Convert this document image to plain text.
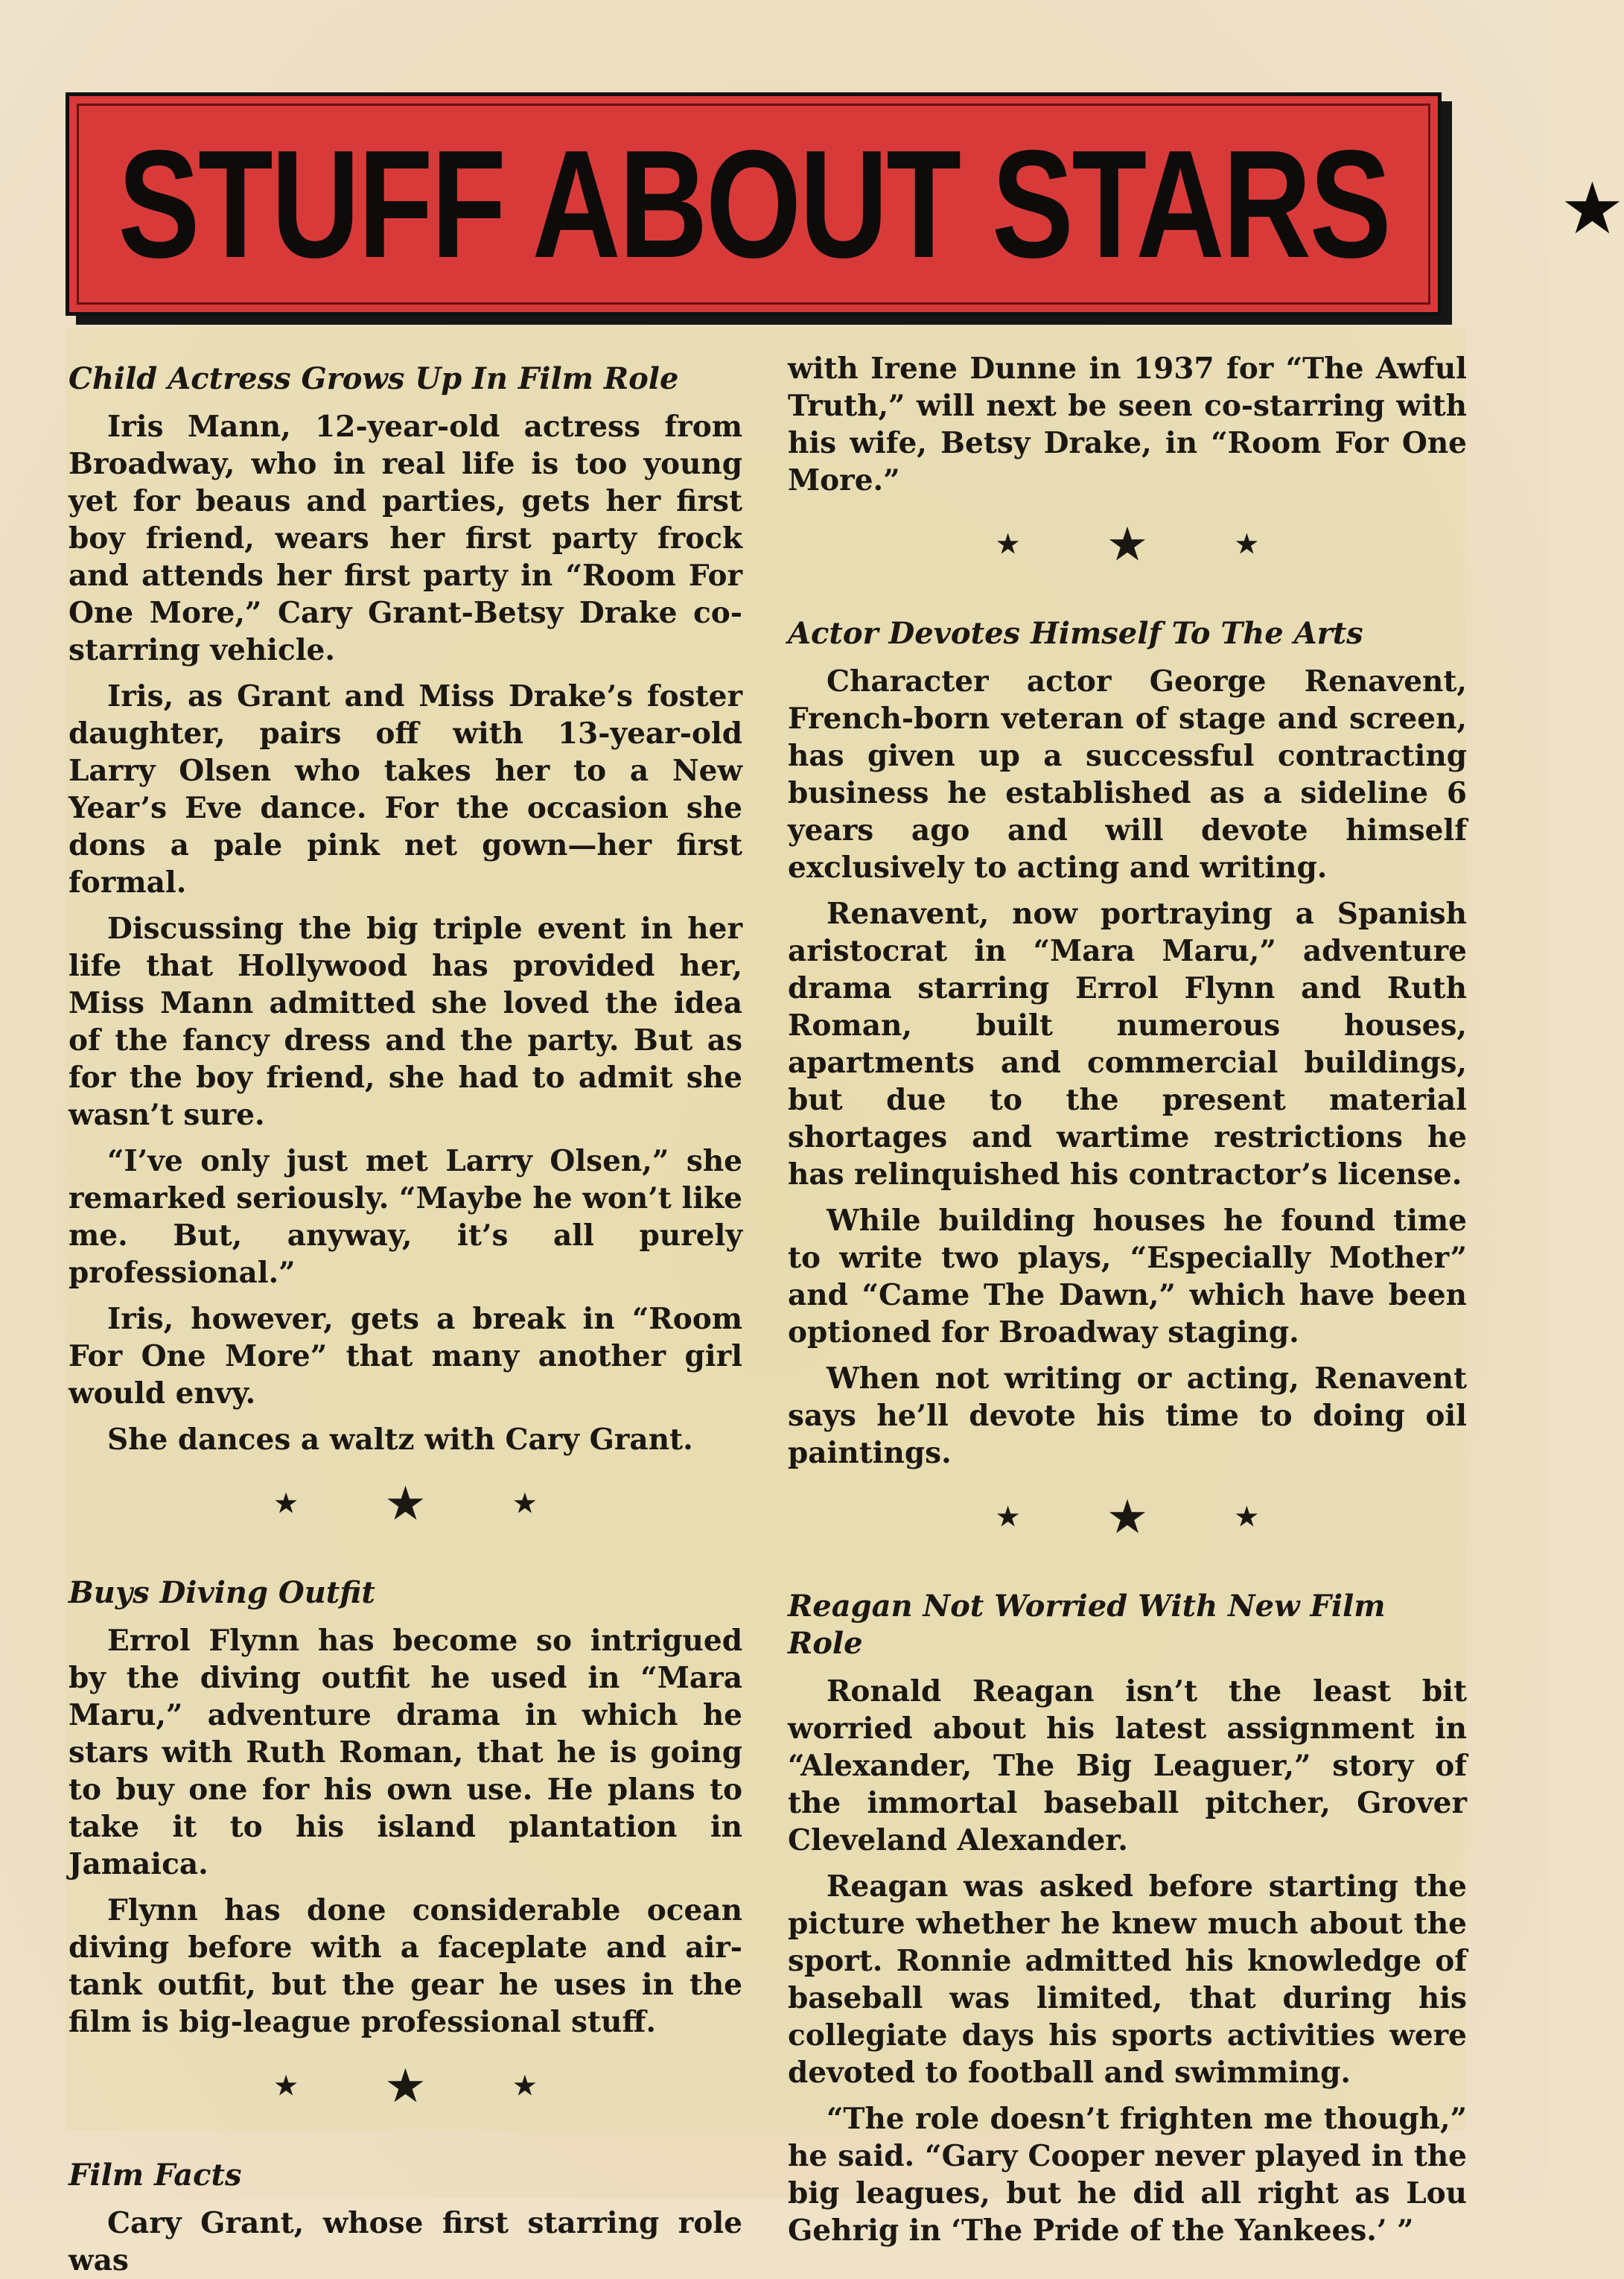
STUFF ABOUT STARS ★
Child Actress Grows Up In Film Role

Iris Mann, 12-year-old actress from Broadway, who in real life is too young yet for beaus and parties, gets her first boy friend, wears her first party frock and attends her first party in “Room For One More,” Cary Grant-Betsy Drake co-starring vehicle.

Iris, as Grant and Miss Drake’s foster daughter, pairs off with 13-year-old Larry Olsen who takes her to a New Year’s Eve dance. For the occasion she dons a pale pink net gown—her first formal.

Discussing the big triple event in her life that Hollywood has provided her, Miss Mann admitted she loved the idea of the fancy dress and the party. But as for the boy friend, she had to admit she wasn’t sure.

“I’ve only just met Larry Olsen,” she remarked seriously. “Maybe he won’t like me. But, anyway, it’s all purely professional.”

Iris, however, gets a break in “Room For One More” that many another girl would envy.

She dances a waltz with Cary Grant.

★ ★	★
Buys Diving Outfit

Errol Flynn has become so intrigued by the diving outfit he used in “Mara Maru,” adventure drama in which he stars with Ruth Roman, that he is going to buy one for his own use. He plans to take it to his island plantation in Jamaica.

Flynn has done considerable ocean diving before with a faceplate and air-tank outfit, but the gear he uses in the film is big-league professional stuff.

★ ★	★
Film Facts

Cary Grant, whose first starring role was

with Irene Dunne in 1937 for “The Awful Truth,” will next be seen co-starring with his wife, Betsy Drake, in “Room For One More.”

★ ★	★
Actor Devotes Himself To The Arts

Character actor George Renavent, French-born veteran of stage and screen, has given up a successful contracting business he established as a sideline 6 years ago and will devote himself exclusively to acting and writing.

Renavent, now portraying a Spanish aristocrat in “Mara Maru,” adventure drama starring Errol Flynn and Ruth Roman, built numerous houses, apartments and commercial buildings, but due to the present material shortages and wartime restrictions he has relinquished his contractor’s license.

While building houses he found time to write two plays, “Especially Mother” and “Came The Dawn,” which have been optioned for Broadway staging.

When not writing or acting, Renavent says he’ll devote his time to doing oil paintings.

★ ★	★
Reagan Not Worried With New Film Role

Ronald Reagan isn’t the least bit worried about his latest assignment in “Alexander, The Big Leaguer,” story of the immortal baseball pitcher, Grover Cleveland Alexander.

Reagan was asked before starting the picture whether he knew much about the sport. Ronnie admitted his knowledge of baseball was limited, that during his collegiate days his sports activities were devoted to football and swimming.

“The role doesn’t frighten me though,” he said. “Gary Cooper never played in the big leagues, but he did all right as Lou Gehrig in ‘The Pride of the Yankees.’ ”
